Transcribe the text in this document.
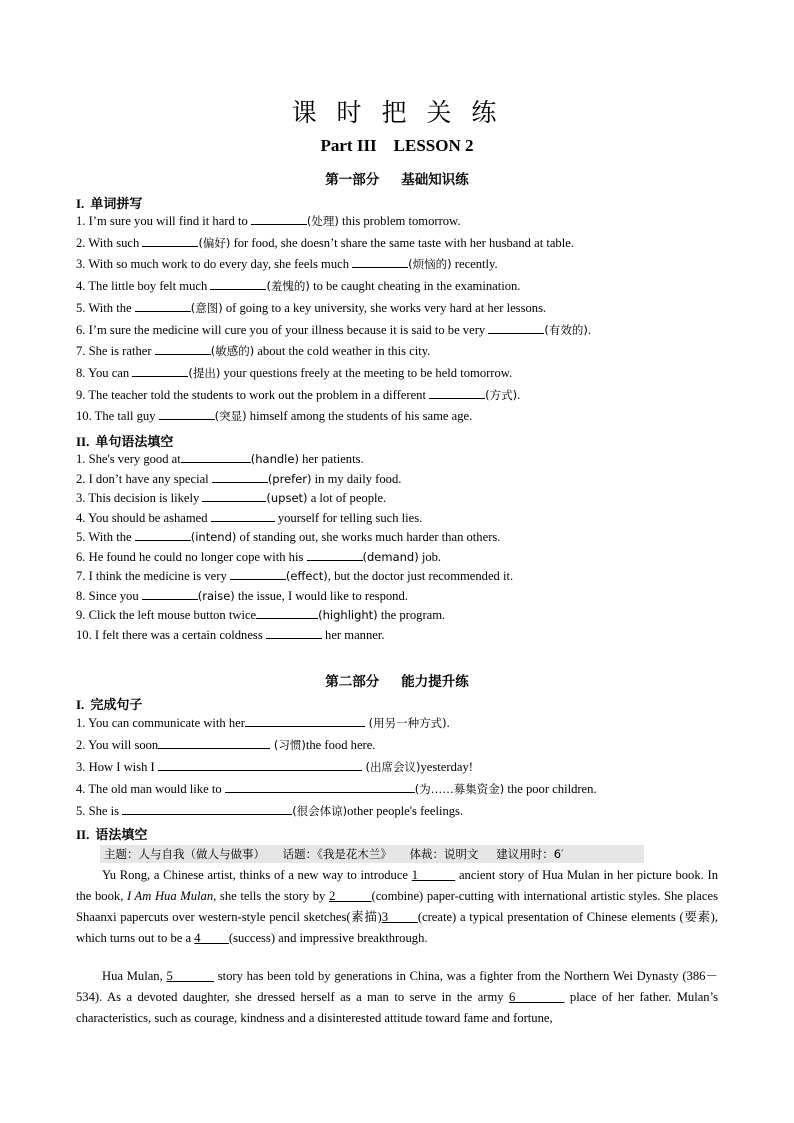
课 时 把 关 练
Part III    LESSON 2
第一部分 基础知识练
I. 单词拼写
1. I’m sure you will find it hard to	(处理) this problem tomorrow.
2. With such	(偏好) for food, she doesn’t share the same taste with her husband at table.
3. With so much work to do every day, she feels much	(烦恼的) recently.
4. The little boy felt much	(羞愧的) to be caught cheating in the examination.
5. With the	(意图) of going to a key university, she works very hard at her lessons.
6. I’m sure the medicine will cure you of your illness because it is said to be very	(有效的).
7. She is rather	(敏感的) about the cold weather in this city.
8. You can	(提出) your questions freely at the meeting to be held tomorrow.
9. The teacher told the students to work out the problem in a different	(方式).
10. The tall guy	(突显) himself among the students of his same age.
II. 单句语法填空
1. She's very good at	(handle) her patients.
2. I don’t have any special	(prefer) in my daily food.
3. This decision is likely	(upset) a lot of people.
4. You should be ashamed	yourself for telling such lies.
5. With the	(intend) of standing out, she works much harder than others.
6. He found he could no longer cope with his	(demand) job.
7. I think the medicine is very	(effect), but the doctor just recommended it.
8. Since you	(raise) the issue, I would like to respond.
9. Click the left mouse button twice	(highlight) the program.
10. I felt there was a certain coldness	her manner.
第二部分 能力提升练
I. 完成句子
1. You can communicate with her	(用另一种方式).
2. You will soon	(习惯)the food here.
3. How I wish I	(出席会议)yesterday!
4. The old man would like to	(为……募集资金) the poor children.
5. She is	(很会体谅)other people's feelings.
II. 语法填空
主题：人与自我（做人与做事） 话题：《我是花木兰》 体裁：说明文 建议用时：6′
Yu Rong, a Chinese artist, thinks of a new way to introduce 1	ancient story of Hua Mulan in her picture book. In the book, I Am Hua Mulan, she tells the story by 2	(combine) paper-cutting with international artistic styles. She places Shaanxi papercuts over western-style pencil sketches(素描)3 (create) a typical presentation of Chinese elements (要素), which turns out to be a 4 (success) and impressive breakthrough.
Hua Mulan, 5	story has been told by generations in China, was a fighter from the Northern Wei Dynasty (386－534). As a devoted daughter, she dressed herself as a man to serve in the army 6	place of her father. Mulan’s characteristics, such as courage, kindness and a disinterested attitude toward fame and fortune,
